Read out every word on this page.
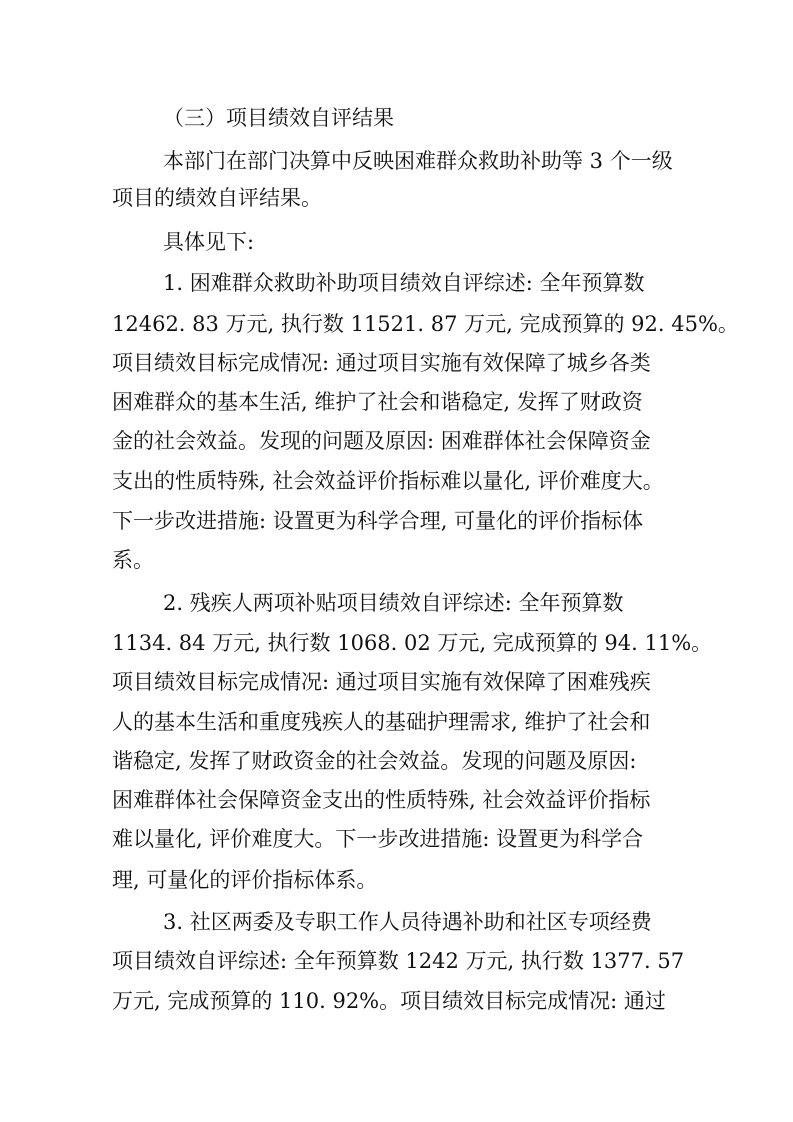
（三）项目绩效自评结果

本部门在部门决算中反映困难群众救助补助等 3 个一级

项目的绩效自评结果。

具体见下:

1. 困难群众救助补助项目绩效自评综述: 全年预算数

12462. 83 万元, 执行数 11521. 87 万元, 完成预算的 92. 45%。

项目绩效目标完成情况: 通过项目实施有效保障了城乡各类

困难群众的基本生活, 维护了社会和谐稳定, 发挥了财政资

金的社会效益。发现的问题及原因: 困难群体社会保障资金

支出的性质特殊, 社会效益评价指标难以量化, 评价难度大。

下一步改进措施: 设置更为科学合理, 可量化的评价指标体

系。

2. 残疾人两项补贴项目绩效自评综述: 全年预算数

1134. 84 万元, 执行数 1068. 02 万元, 完成预算的 94. 11%。

项目绩效目标完成情况: 通过项目实施有效保障了困难残疾

人的基本生活和重度残疾人的基础护理需求, 维护了社会和

谐稳定, 发挥了财政资金的社会效益。发现的问题及原因:

困难群体社会保障资金支出的性质特殊, 社会效益评价指标

难以量化, 评价难度大。下一步改进措施: 设置更为科学合

理, 可量化的评价指标体系。

3. 社区两委及专职工作人员待遇补助和社区专项经费

项目绩效自评综述: 全年预算数 1242 万元, 执行数 1377. 57

万元, 完成预算的 110. 92%。项目绩效目标完成情况: 通过
